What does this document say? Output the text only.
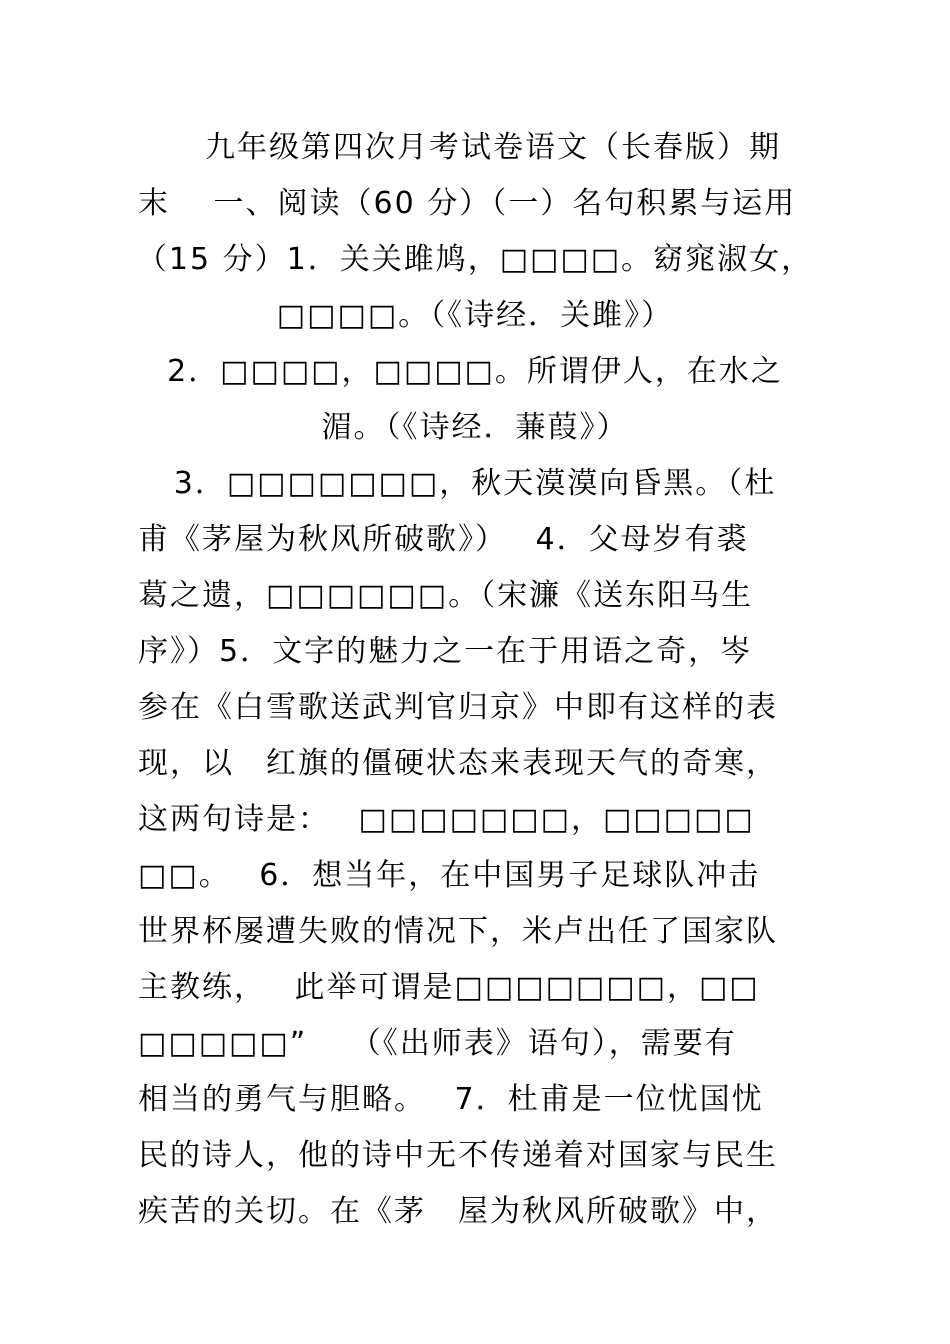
九年级第四次月考试卷语文（长春版）期
末　 一、阅读（60 分）（一）名句积累与运用
（15 分）1．关关雎鸠，□□□□。窈窕淑女，
□□□□。（《诗经．关雎》）
2．□□□□，□□□□。所谓伊人，在水之
湄。（《诗经．蒹葭》）
3．□□□□□□□，秋天漠漠向昏黑。（杜
甫《茅屋为秋风所破歌》）　 4．父母岁有裘
葛之遗，□□□□□□。（宋濂《送东阳马生
序》）5．文字的魅力之一在于用语之奇，岑
参在《白雪歌送武判官归京》中即有这样的表
现，以　红旗的僵硬状态来表现天气的奇寒，
这两句诗是：　 □□□□□□□，□□□□□
□□。　 6．想当年，在中国男子足球队冲击
世界杯屡遭失败的情况下，米卢出任了国家队
主教练，　 此举可谓是□□□□□□□，□□
□□□□□”　 （《出师表》语句），需要有
相当的勇气与胆略。　 7．杜甫是一位忧国忧
民的诗人，他的诗中无不传递着对国家与民生
疾苦的关切。在《茅　屋为秋风所破歌》中，
